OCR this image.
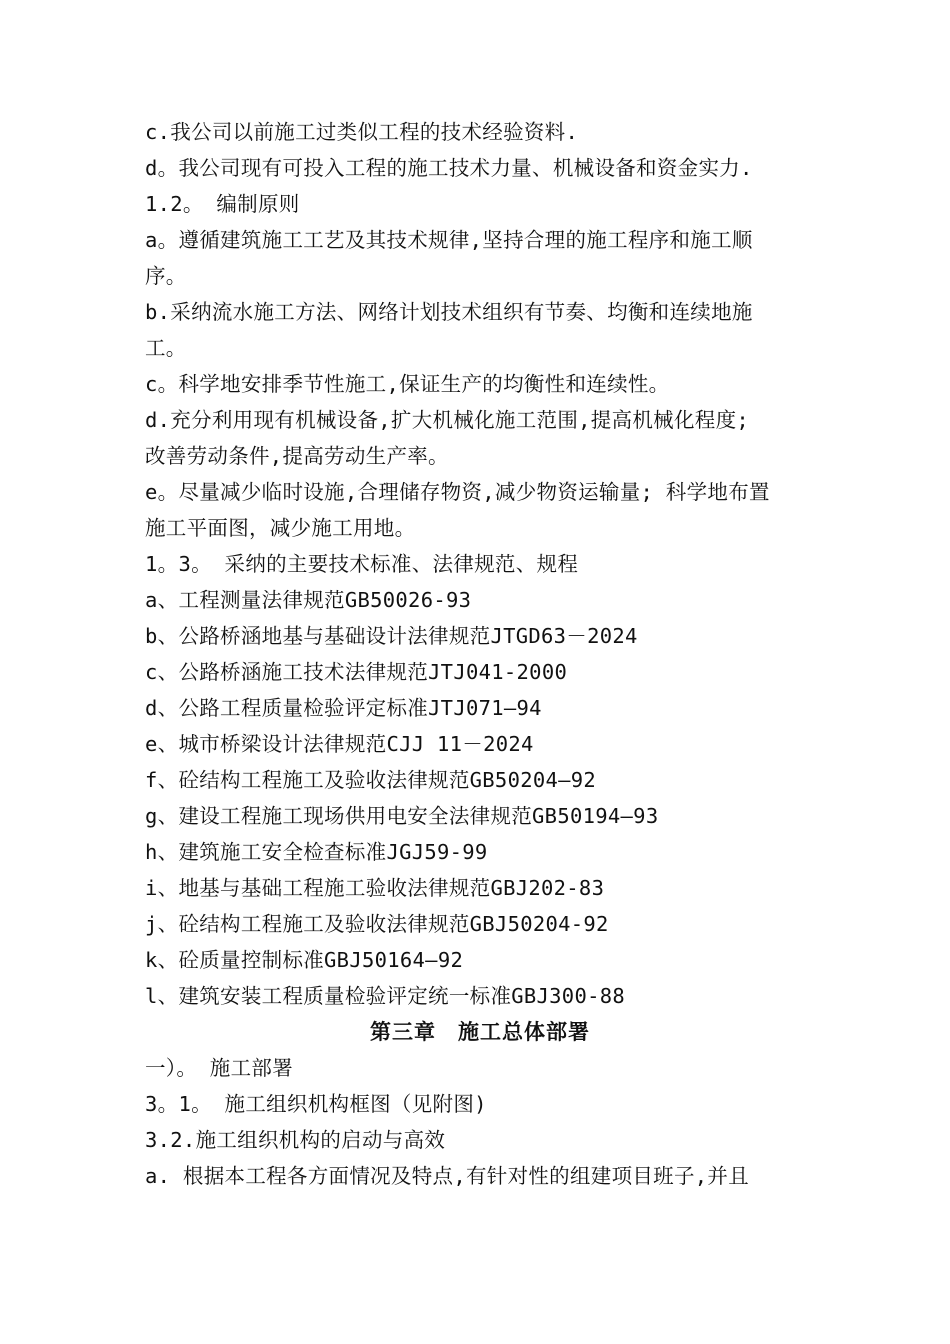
c.我公司以前施工过类似工程的技术经验资料.
d。我公司现有可投入工程的施工技术力量、机械设备和资金实力.
1.2。 编制原则
a。遵循建筑施工工艺及其技术规律,坚持合理的施工程序和施工顺
序。
b.采纳流水施工方法、网络计划技术组织有节奏、均衡和连续地施
工。
c。科学地安排季节性施工,保证生产的均衡性和连续性。
d.充分利用现有机械设备,扩大机械化施工范围,提高机械化程度;
改善劳动条件,提高劳动生产率。
e。尽量减少临时设施,合理储存物资,减少物资运输量; 科学地布置
施工平面图，减少施工用地。
1。3。 采纳的主要技术标准、法律规范、规程
a、工程测量法律规范GB50026-93
b、公路桥涵地基与基础设计法律规范JTGD63－2024
c、公路桥涵施工技术法律规范JTJ041-2000
d、公路工程质量检验评定标准JTJ071—94
e、城市桥梁设计法律规范CJJ 11－2024
f、砼结构工程施工及验收法律规范GB50204—92
g、建设工程施工现场供用电安全法律规范GB50194—93
h、建筑施工安全检查标准JGJ59-99
i、地基与基础工程施工验收法律规范GBJ202-83
j、砼结构工程施工及验收法律规范GBJ50204-92
k、砼质量控制标准GBJ50164—92
l、建筑安装工程质量检验评定统一标准GBJ300-88
第三章　施工总体部署
一）。 施工部署
3。1。 施工组织机构框图（见附图)
3.2.施工组织机构的启动与高效
a. 根据本工程各方面情况及特点,有针对性的组建项目班子,并且
